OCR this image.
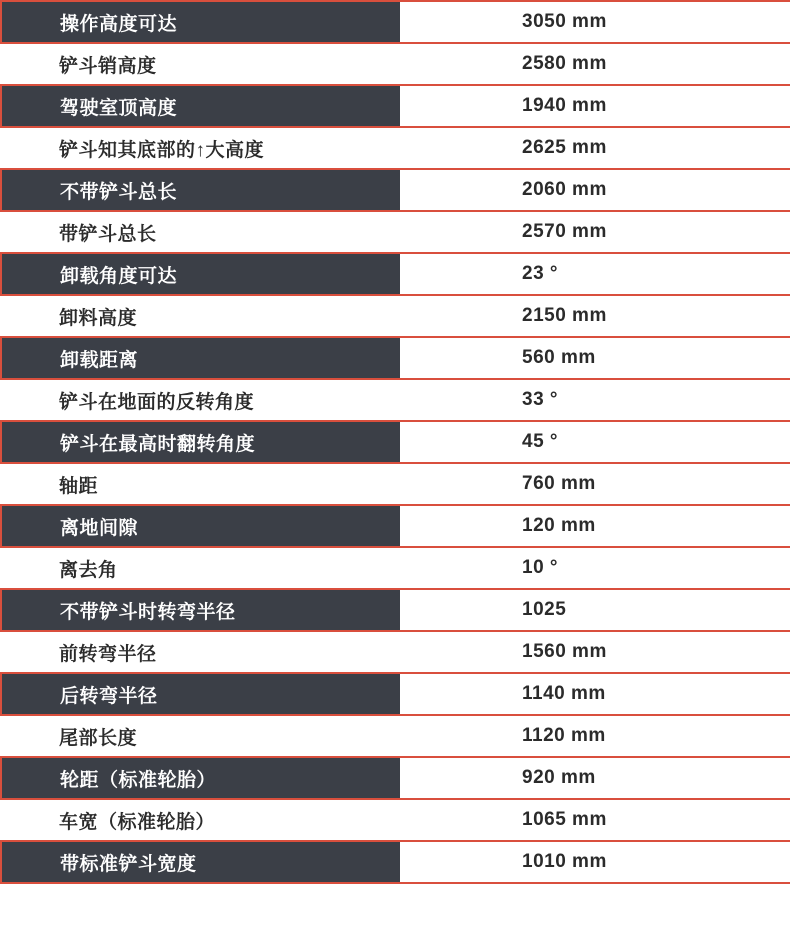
操作高度可达	3050 mm
铲斗销高度	2580 mm
驾驶室顶高度	1940 mm
铲斗知其底部的↑大高度	2625 mm
不带铲斗总长	2060 mm
带铲斗总长	2570 mm
卸载角度可达	23 °
卸料高度	2150 mm
卸载距离	560 mm
铲斗在地面的反转角度	33 °
铲斗在最高时翻转角度	45 °
轴距	760 mm
离地间隙	120 mm
离去角	10 °
不带铲斗时转弯半径	1025
前转弯半径	1560 mm
后转弯半径	1140 mm
尾部长度	1120 mm
轮距（标准轮胎）	920 mm
车宽（标准轮胎）	1065 mm
带标准铲斗宽度	1010 mm
